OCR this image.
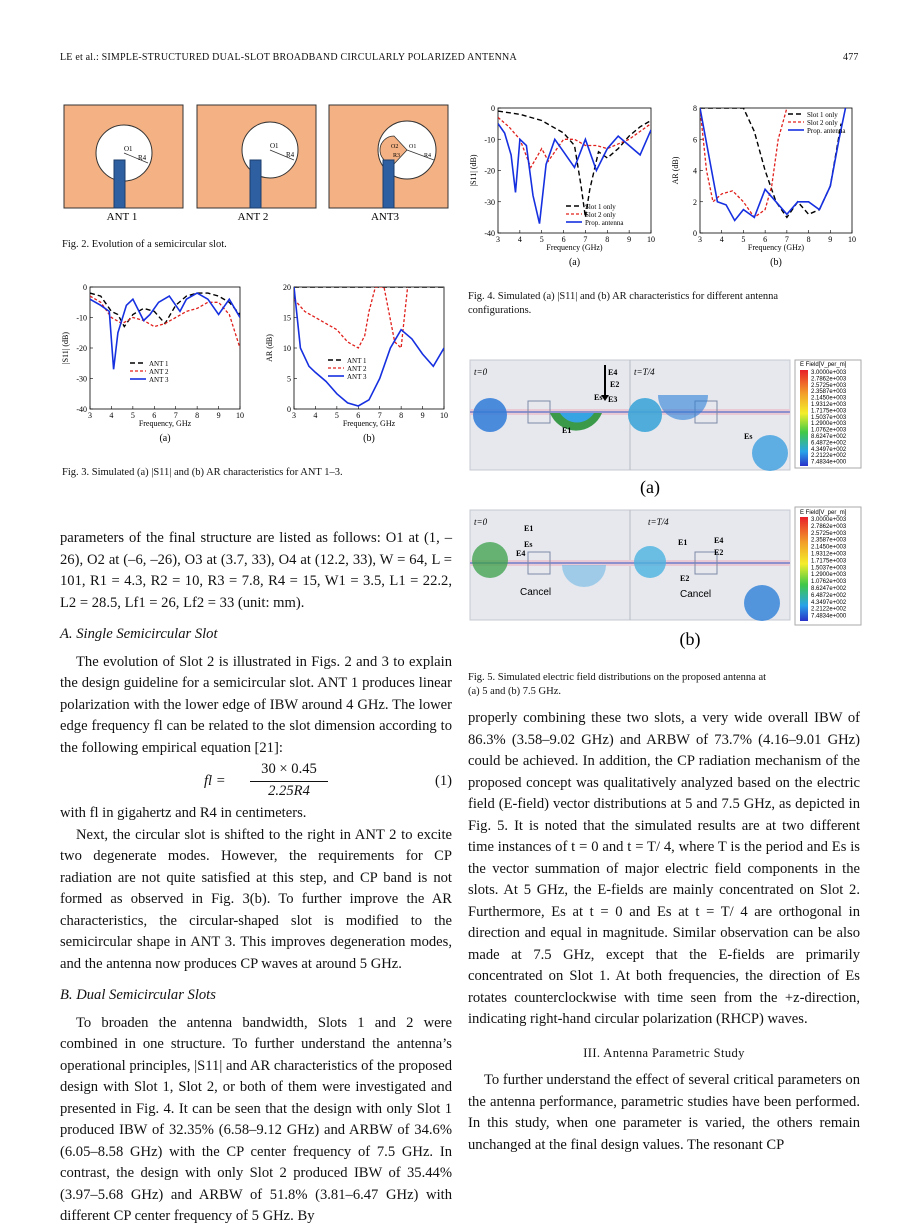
LE et al.: SIMPLE-STRUCTURED DUAL-SLOT BROADBAND CIRCULARLY POLARIZED ANTENNA	477
O1
R4
ANT 1
O1
R4
ANT 2
O2 O1
R3	R4
ANT3
Fig. 2. Evolution of a semicircular slot.
3 4 5 6 7 8 9 10
0
-10
-20
-30
-40
Frequency, GHz
|S11| (dB)
(a)
ANT 1
ANT 2
ANT 3
3 4 5 6 7 8 9 10
20
15
10
5
0
Frequency, GHz
AR (dB)
(b)
ANT 1
ANT 2
ANT 3
Fig. 3. Simulated (a) |S11| and (b) AR characteristics for ANT 1–3.
3 4 5 6 7 8 9 10
0
-10
-20
-30
-40
Frequency (GHz)
|S11| (dB)
(a)
Slot 1 only
Slot 2 only
Prop. antenna
3 4 5 6 7 8 9 10
8
6
4
2
0
Frequency (GHz)
AR (dB)
(b)
Slot 1 only
Slot 2 only
Prop. antenna
Fig. 4. Simulated (a) |S11| and (b) AR characteristics for different antenna
configurations.
t=0	t=T/4
E4
E2
Es E3
E1
Es
(a)
E Field[V_per_m]
3.0000e+003
2.7862e+003
2.5725e+003
2.3587e+003
2.1450e+003
1.9312e+003
1.7175e+003
1.5037e+003
1.2900e+003
1.0762e+003
8.6247e+002
6.4872e+002
4.3497e+002
2.2122e+002
7.4834e+000
t=0	t=T/4
E1
Es
E4
E1	E4
E2
E2
Cancel	Cancel
(b)
E Field[V_per_m]
3.0000e+003
2.7862e+003
2.5725e+003
2.3587e+003
2.1450e+003
1.9312e+003
1.7175e+003
1.5037e+003
1.2900e+003
1.0762e+003
8.6247e+002
6.4872e+002
4.3497e+002
2.2122e+002
7.4834e+000
Fig. 5. Simulated electric field distributions on the proposed antenna at
(a) 5 and (b) 7.5 GHz.

parameters of the final structure are listed as follows: O1 at (1, –26), O2 at (–6, –26), O3 at (3.7, 33), O4 at (12.2, 33), W = 64, L = 101, R1 = 4.3, R2 = 10, R3 = 7.8, R4 = 15, W1 = 3.5, L1 = 22.2, L2 = 28.5, Lf1 = 26, Lf2 = 33 (unit: mm).

A. Single Semicircular Slot

The evolution of Slot 2 is illustrated in Figs. 2 and 3 to explain the design guideline for a semicircular slot. ANT 1 produces linear polarization with the lower edge of IBW around 4 GHz. The lower edge frequency fl can be related to the slot dimension according to the following empirical equation [21]:

fl =
30 × 0.45
2.25R4
(1)

with fl in gigahertz and R4 in centimeters.

Next, the circular slot is shifted to the right in ANT 2 to excite two degenerate modes. However, the requirements for CP radiation are not quite satisfied at this step, and CP band is not formed as observed in Fig. 3(b). To further improve the AR characteristics, the circular-shaped slot is modified to the semicircular shape in ANT 3. This improves degeneration modes, and the antenna now produces CP waves at around 5 GHz.

B. Dual Semicircular Slots

To broaden the antenna bandwidth, Slots 1 and 2 were combined in one structure. To further understand the antenna’s operational principles, |S11| and AR characteristics of the proposed design with Slot 1, Slot 2, or both of them were investigated and presented in Fig. 4. It can be seen that the design with only Slot 1 produced IBW of 32.35% (6.58–9.12 GHz) and ARBW of 34.6% (6.05–8.58 GHz) with the CP center frequency of 7.5 GHz. In contrast, the design with only Slot 2 produced IBW of 35.44% (3.97–5.68 GHz) and ARBW of 51.8% (3.81–6.47 GHz) with different CP center frequency of 5 GHz. By

properly combining these two slots, a very wide overall IBW of 86.3% (3.58–9.02 GHz) and ARBW of 73.7% (4.16–9.01 GHz) could be achieved. In addition, the CP radiation mechanism of the proposed concept was qualitatively analyzed based on the electric field (E-field) vector distributions at 5 and 7.5 GHz, as depicted in Fig. 5. It is noted that the simulated results are at two different time instances of t = 0 and t = T/ 4, where T is the period and Es is the vector summation of major electric field components in the slots. At 5 GHz, the E-fields are mainly concentrated on Slot 2. Furthermore, Es at t = 0 and Es at t = T/ 4 are orthogonal in direction and equal in magnitude. Similar observation can be also made at 7.5 GHz, except that the E-fields are primarily concentrated on Slot 1. At both frequencies, the direction of Es rotates counterclockwise with time seen from the +z-direction, indicating right-hand circular polarization (RHCP) waves.

III. Antenna Parametric Study

To further understand the effect of several critical parameters on the antenna performance, parametric studies have been performed. In this study, when one parameter is varied, the others remain unchanged at the final design values. The resonant CP
